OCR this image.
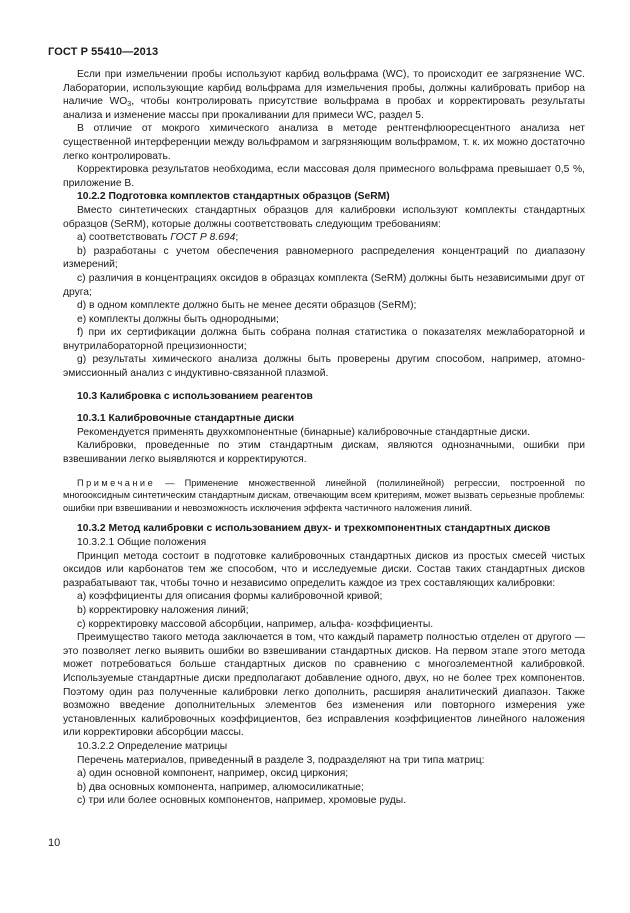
ГОСТ Р 55410—2013

Если при измельчении пробы используют карбид вольфрама (WC), то происходит ее загрязнение WC. Лаборатории, использующие карбид вольфрама для измельчения пробы, должны калибровать прибор на наличие $WO_3$, чтобы контролировать присутствие вольфрама в пробах и корректировать результаты анализа и изменение массы при прокаливании для примеси WC, раздел 5.

В отличие от мокрого химического анализа в методе рентгенфлюоресцентного анализа нет существенной интерференции между вольфрамом и загрязняющим вольфрамом, т. к. их можно достаточно легко контролировать.

Корректировка результатов необходима, если массовая доля примесного вольфрама превышает 0,5 %, приложение В.

10.2.2 Подготовка комплектов стандартных образцов (SeRM)

Вместо синтетических стандартных образцов для калибровки используют комплекты стандартных образцов (SeRM), которые должны соответствовать следующим требованиям:

а) соответствовать ГОСТ Р 8.694;

b) разработаны с учетом обеспечения равномерного распределения концентраций по диапазону измерений;

c) различия в концентрациях оксидов в образцах комплекта (SeRM) должны быть независимыми друг от друга;

d) в одном комплекте должно быть не менее десяти образцов (SeRM);

e) комплекты должны быть однородными;

f) при их сертификации должна быть собрана полная статистика о показателях межлабораторной и внутрилабораторной прецизионности;

g) результаты химического анализа должны быть проверены другим способом, например, атомно-эмиссионный анализ с индуктивно-связанной плазмой.

10.3 Калибровка с использованием реагентов

10.3.1 Калибровочные стандартные диски

Рекомендуется применять двухкомпонентные (бинарные) калибровочные стандартные диски.

Калибровки, проведенные по этим стандартным дискам, являются однозначными, ошибки при взвешивании легко выявляются и корректируются.

Примечание — Применение множественной линейной (полилинейной) регрессии, построенной по многооксидным синтетическим стандартным дискам, отвечающим всем критериям, может вызвать серьезные проблемы: ошибки при взвешивании и невозможность исключения эффекта частичного наложения линий.

10.3.2 Метод калибровки с использованием двух- и трехкомпонентных стандартных дисков

10.3.2.1 Общие положения

Принцип метода состоит в подготовке калибровочных стандартных дисков из простых смесей чистых оксидов или карбонатов тем же способом, что и исследуемые диски. Состав таких стандартных дисков разрабатывают так, чтобы точно и независимо определить каждое из трех составляющих калибровки:

а) коэффициенты для описания формы калибровочной кривой;

b) корректировку наложения линий;

c) корректировку массовой абсорбции, например, альфа- коэффициенты.

Преимущество такого метода заключается в том, что каждый параметр полностью отделен от другого — это позволяет легко выявить ошибки во взвешивании стандартных дисков. На первом этапе этого метода может потребоваться больше стандартных дисков по сравнению с многоэлементной калибровкой. Используемые стандартные диски предполагают добавление одного, двух, но не более трех компонентов. Поэтому один раз полученные калибровки легко дополнить, расширяя аналитический диапазон. Также возможно введение дополнительных элементов без изменения или повторного измерения уже установленных калибровочных коэффициентов, без исправления коэффициентов линейного наложения или корректировки абсорбции массы.

10.3.2.2 Определение матрицы

Перечень материалов, приведенный в разделе 3, подразделяют на три типа матриц:

а) один основной компонент, например, оксид циркония;

b) два основных компонента, например, алюмосиликатные;

c) три или более основных компонентов, например, хромовые руды.

10
